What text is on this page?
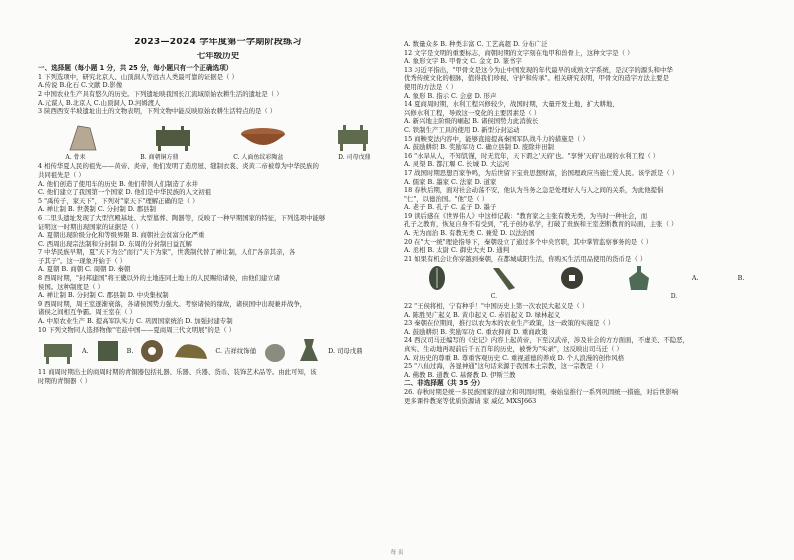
2023—2024 学年度第一学期阶段练习

七年级历史

一、选择题（每小题 1 分，共 25 分，每小题只有一个正确选项）

1 下列选项中，研究北京人、山顶洞人等远古人类最可靠的证据是（ ）

A.传说 B.化石 C.文献 D.影像

2 中国农业生产具有悠久的历史。下列遗址映我国长江流域原始农耕生活的遗址是（ ）

A.元谋人 B.北京人 C.山顶洞人 D.河姆渡人

3 陕西西安半坡遗址出土的文物表明，下列文物中能反映原始农耕生活特点的是（ ）

A. 骨耒	B. 商朝铜方鼎	C. 人面鱼纹彩陶盆	D. 司母戊鼎

4 相传华夏人民的祖先——黄帝、炎帝，他们发明了造房屋、缝制衣裳、炎黄二帝被尊为中华民族的

共同祖先是（ ）

A. 他们创造了使用车的历史 B. 他们带领人们制造了水井

C. 他们建立了我国第一个国家 D. 他们是中华民族的人文初祖

5 "禹传子，家天下"，下列对"家天下"理解正确的是（ ）

A. 禅让制 B. 世袭制 C. 分封制 D. 郡县制

6 二里头遗址发现了大型宫殿基址、大型墓葬、陶器等，反映了一种早期国家的特征，下列选项中能够

证明这一时期出现国家的证据是（ ）

A. 夏朝出现阶级分化和等级界限 B. 商朝社会贫富分化严重

C. 西周出现宗法制和分封制 D. 东周的分封制日益瓦解

7 中华民族早期，夏"天下为公"而行"天下为家"，世袭制代替了禅让制，人们"各亲其亲，各

子其子"。这一现象开始于（ ）

A. 夏朝 B. 商朝 C. 周朝 D. 秦朝

8 西周时期，"封邦建国"将王畿以外的土地连同土地上的人民赐给诸侯，由他们建立诸

侯国。这种制度是（ ）

A. 禅让制 B. 分封制 C. 郡县制 D. 中央集权制

9 西周时期，周王室逐渐衰落，各诸侯国势力强大。考察诸侯的缘故，诸侯国中出现兼并战争，

诸侯之间相互争霸。周王室在（ ）

A. 中原农业生产 B. 提高军队实力 C. 巩固国家统治 D. 加强封建专制

10 下列文物同人选择物像"宅兹中国——夏商周三代文明展"的是（ ）

A.	B.	C. 吉祥纹饰俑	D. 司母戊鼎

11 商周时期出土的商周时期的青铜器包括礼器、乐器、兵器、货币、装饰艺术品等。由此可知，该

时期的青铜器（ ）

A. 数量众多 B. 种类丰富 C. 工艺高超 D. 分布广泛

12 文字是文明的重要标志，商朝时期的文字刻在龟甲和兽骨上，这种文字是（ ）

A. 象形文字 B. 甲骨文 C. 金文 D. 篆书字

13 习近平指出，"甲骨文是这今为止中国发现的年代最早的成熟文字系统，是汉字的源头和中华

优秀传统文化的根脉，值得我们珍视、守护和传承"。相关研究表明，甲骨文的造字方法主要是

使用的方法是（ ）

A. 象形 B. 指示 C. 会意 D. 形声

14 夏商周时期，水利工程兴修较少，战国时期，大量开发土地，扩大耕地，

兴修水利工程，导致这一变化的主要因素是（ ）

A. 新兴地主阶级的崛起 B. 诸侯国势力此消彼长

C. 铁制生产工具的使用 D. 新型分封运动

15 商鞅变法内容中，能够直接提高秦国军队战斗力的措施是（ ）

A. 鼓励耕织 B. 奖励军功 C. 确立县制 D. 废除井田制

16 "水旱从人，不知饥馑，时无荒年，天下谓之'天府'也。"享誉'天府'出现的水利工程（ ）

A. 灵渠 B. 都江堰 C. 长城 D. 大运河

17 战国时期思想百家争鸣，为后世留下宝贵思想财富，治国理政应当施仁爱人民。该学派是（ ）

A. 儒家 B. 墨家 C. 法家 D. 道家

18 春秋后期，面对社会动荡不安，他认为当务之急是处理好人与人之间的关系，为此他提倡

"仁"，以德治国。"他"是（ ）

A. 老子 B. 孔子 C. 孟子 D. 墨子

19 读后感在《世界伟人》中这样记载："教育家之主张有教无类，为当时一种社会，而

孔子之教育，恢复自身不有受到，"孔子创办私学，打破了贵族和王室垄断教育的局面，主张（ ）

A. 无为而治 B. 有教无类 C. 兼爱 D. 以法治国

20 在"大一统"理论指导下，秦朝设立了通过多个中央官职，其中掌管监察事务的是（ ）

A. 丞相 B. 太尉 C. 御史大夫 D. 通判

21 如果有机会让你穿越到秦朝，在都城咸阳生活，你购买生活用品使用的货币是（ ）

A.	B.
C.	D.

22 "王侯将相，宁有种乎！"中国历史上第一次农民大起义是（ ）

A. 陈胜吴广起义 B. 黄巾起义 C. 赤眉起义 D. 绿林起义

23 秦朝在位期间，推行以农为本的农业生产政策，这一政策的实施是（ ）

A. 鼓励耕织 B. 奖励军功 C. 重农抑商 D. 重商政策

24 西汉司马迁编写的《史记》内容上起黄帝，下至汉武帝，涉及社会的方方面面，不虚美、不隐恶，

真实、生动地再现前后千五百年的历史，被誉为"实录"，这反映出司马迁（ ）

A. 对历史的尊重 B. 尊重客观历史 C. 重视道德的养成 D. 个人浪漫的创作风格

25 "八仙过海，各显神通"这句话来源于我国本土宗教，这一宗教是（ ）

A. 佛教 B. 道教 C. 基督教 D. 伊斯兰教

二、非选择题（共 35 分）

26. 春秋时期是统一多民族国家的建立和巩固时期，秦始皇推行一系列巩固统一措施，对后世影响

更多课件教案等优质资源请 家 威亿 MXSJ663

每 页
